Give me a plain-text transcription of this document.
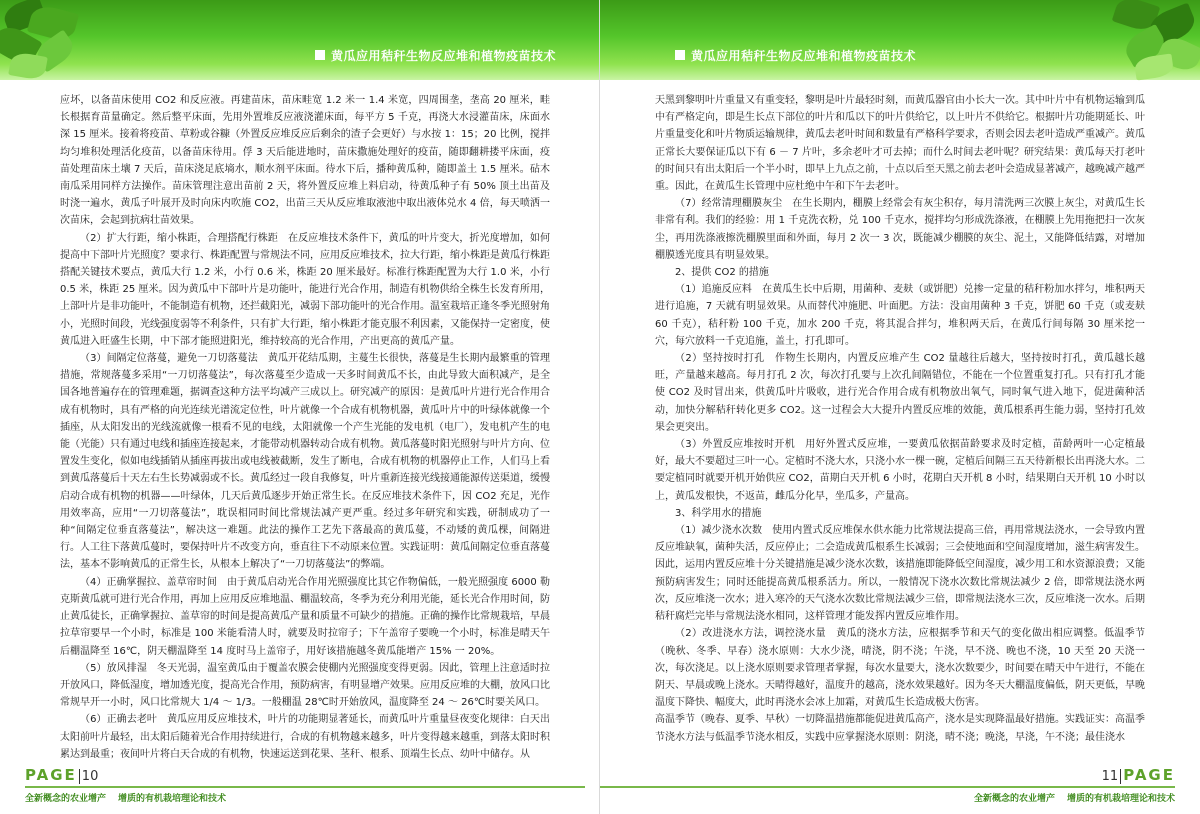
黄瓜应用秸秆生物反应堆和植物疫苗技术

应坏，以备苗床使用 CO2 和反应液。再建苗床，苗床畦宽 1.2 米一 1.4 米宽，四周围垄，垄高 20 厘米，畦长根据育苗量确定。然后整平床面，先用外置堆反应液浇灌床面，每平方 5 千克，再浇大水浸灌苗床，床面水深 15 厘米。接着将疫苗、草粉或谷糠（外置反应堆反应后剩余的渣子会更好）与水按 1：15；20 比例，搅拌均匀堆积处理活化疫苗，以备苗床待用。俘 3 天后能进地时，苗床撒施处理好的疫苗，随即翻耕搂平床面，疫苗处理苗床土壤 7 天后，苗床浇足底墒水，顺水剂平床面。待水下后，播种黄瓜种，随即盖土 1.5 厘米。砧木南瓜采用同样方法操作。苗床管理注意出苗前 2 天，将外置反应堆上料启动，待黄瓜种子有 50% 顶土出苗及时浇一遍水，黄瓜子叶展开及时向床内吹施 CO2，出苗三天从反应堆取液池中取出液体兑水 4 倍，每天喷洒一次苗床，会起到抗病壮苗效果。

（2）扩大行距，缩小株距，合理搭配行株距　在反应堆技术条件下，黄瓜的叶片变大，折光度增加，如何提高中下部叶片光照度？要求行、株距配置与常规法不同，应用反应堆技术，拉大行距，缩小株距是黄瓜行株距搭配关键技术要点，黄瓜大行 1.2 米，小行 0.6 米，株距 20 厘米最好。标准行株距配置为大行 1.0 米，小行 0.5 米，株距 25 厘米。因为黄瓜中下部叶片是功能叶，能进行光合作用，制造有机物供给全株生长发育所用，上部叶片是非功能叶，不能制造有机物，还拦截阳光，减弱下部功能叶的光合作用。温室栽培正逢冬季光照射角小，光照时间段，光线强度弱等不利条件，只有扩大行距，缩小株距才能克服不利因素，又能保持一定密度，使黄瓜进入旺盛生长期，中下部才能照进阳光，维持较高的光合作用，产出更高的黄瓜产量。

（3）间隔定位落蔓，避免一刀切落蔓法　黄瓜开花结瓜期，主蔓生长很快，落蔓是生长期内最繁重的管理措施，常规落蔓多采用“一刀切落蔓法”，每次落蔓至少造成一天多时间黄瓜不长，由此导致大面积减产，是全国各地普遍存在的管理难题，据调查这种方法平均减产三成以上。研究减产的原因：是黄瓜叶片进行光合作用合成有机物时，具有严格的向光连续光谱流定位性，叶片就像一个合成有机物机器，黄瓜叶片中的叶绿体就像一个插座，从太阳发出的光线流就像一根看不见的电线，太阳就像一个产生光能的发电机（电厂），发电机产生的电能（光能）只有通过电线和插座连接起来，才能带动机器转动合成有机物。黄瓜落蔓时阳光照射与叶片方向、位置发生变化，似如电线插销从插座再拔出或电线被截断，发生了断电，合成有机物的机器停止工作，人们马上看到黄瓜落蔓后十天左右生长势减弱或不长。黄瓜经过一段自我修复，叶片重新连接光线接通能源传送渠道，缓慢启动合成有机物的机器——叶绿体，几天后黄瓜逐步开始正常生长。在反应堆技术条件下，因 CO2 充足，光作用效率高，应用“一刀切落蔓法”，耽误相同时间比常规法减产更严重。经过多年研究和实践，研制成功了一种“间隔定位垂直落蔓法”，解决这一难题。此法的操作工艺先下落最高的黄瓜蔓，不动矮的黄瓜棵，间隔进行。人工往下落黄瓜蔓时，要保持叶片不改变方向，垂直往下不动原来位置。实践证明：黄瓜间隔定位垂直落蔓法，基本不影响黄瓜的正常生长，从根本上解决了“一刀切落蔓法”的弊端。

（4）正确掌握拉、盖草帘时间　由于黄瓜启动光合作用光照强度比其它作物偏低，一般光照强度 6000 勒克斯黄瓜就可进行光合作用，再加上应用反应堆地温、棚温较高，冬季为充分利用光能，延长光合作用时间，防止黄瓜徒长，正确掌握拉、盖草帘的时间是提高黄瓜产量和质量不可缺少的措施。正确的操作比常规栽培，早晨拉草帘要早一个小时，标准是 100 米能看清人时，就要及时拉帘子；下午盖帘子要晚一个小时，标准是晴天午后棚温降至 16℃，阴天棚温降至 14 度时马上盖帘子，用好该措施越冬黄瓜能增产 15% 一 20%。

（5）放风排湿　冬天光弱，温室黄瓜由于覆盖农膜会使棚内光照强度变得更弱。因此，管理上注意适时拉开放风口，降低湿度，增加透光度，提高光合作用，预防病害，有明显增产效果。应用反应堆的大棚，放风口比常规早开一小时，风口比常规大 1/4 ～ 1/3。一般棚温 28℃时开始放风，温度降至 24 ～ 26℃时要关风口。

（6）正确去老叶　黄瓜应用反应堆技术，叶片的功能期显著延长，而黄瓜叶片重量昼夜变化规律：白天出太阳前叶片最轻，出太阳后随着光合作用持续进行，合成的有机物越来越多，叶片变得越来越重，到落太阳时积累达到最重；夜间叶片将白天合成的有机物，快速运送到花果、茎秆、根系、顶端生长点、幼叶中储存。从

PAGE 10
全新概念的农业增产 增质的有机栽培理论和技术
黄瓜应用秸秆生物反应堆和植物疫苗技术

天黑到黎明叶片重量又有重变轻，黎明是叶片最轻时刻，而黄瓜器官由小长大一次。其中叶片中有机物运输到瓜中有严格定向，即是生长点下部位的叶片和瓜以下的叶片供给它，以上叶片不供给它。根据叶片功能期延长、叶片重量变化和叶片物质运输规律，黄瓜去老叶时间和数量有严格科学要求，否则会因去老叶造成严重减产。黄瓜正常长大要保证瓜以下有 6 － 7 片叶，多余老叶才可去掉；而什么时间去老叶呢？研究结果：黄瓜每天打老叶的时间只有出太阳后一个半小时，即早上九点之前，十点以后至天黑之前去老叶会造成显著减产，越晚减产越严重。因此，在黄瓜生长管理中应杜绝中午和下午去老叶。

（7）经常清理棚膜灰尘　在生长期内，棚膜上经常会有灰尘积存，每月清洗两三次膜上灰尘，对黄瓜生长非常有利。我们的经验：用 1 千克洗衣粉，兑 100 千克水，搅拌均匀形成洗涤液，在棚膜上先用拖把扫一次灰尘，再用洗涤液擦洗棚膜里面和外面，每月 2 次一 3 次，既能减少棚膜的灰尘、泥土，又能降低结露，对增加棚膜透光度具有明显效果。

2、提供 CO2 的措施

（1）追施反应料　在黄瓜生长中后期，用菌种、麦麸（或饼肥）兑掺一定量的秸秆粉加水拌匀，堆积两天进行追施，7 天就有明显效果。从而替代冲施肥、叶面肥。方法：没亩用菌种 3 千克，饼肥 60 千克（或麦麸 60 千克），秸秆粉 100 千克，加水 200 千克，将其混合拌匀，堆积两天后，在黄瓜行间每隔 30 厘米挖一穴，每穴放料一千克追施，盖土，打孔即可。

（2）坚持按时打孔　作物生长期内，内置反应堆产生 CO2 量越往后越大，坚持按时打孔，黄瓜越长越旺，产量越来越高。每月打孔 2 次，每次打孔要与上次孔间隔错位，不能在一个位置重复打孔。只有打孔才能使 CO2 及时冒出来，供黄瓜叶片吸收，进行光合作用合成有机物放出氧气，同时氧气进入地下，促进菌种活动，加快分解秸秆转化更多 CO2。这一过程会大大提升内置反应堆的效能，黄瓜根系再生能力弱，坚持打孔效果会更突出。

（3）外置反应堆按时开机　用好外置式反应堆，一要黄瓜依据苗龄要求及时定植，苗龄两叶一心定植最好，最大不要超过三叶一心。定植时不浇大水，只浇小水一棵一碗，定植后间隔三五天待新根长出再浇大水。二要定植同时就要开机开始供应 CO2，苗期白天开机 6 小时，花期白天开机 8 小时，结果期白天开机 10 小时以上，黄瓜发根快，不返苗，雌瓜分化早，坐瓜多，产量高。

3、科学用水的措施

（1）减少浇水次数　使用内置式反应堆保水供水能力比常规法提高三倍，再用常规法浇水，一会导致内置反应堆缺氧，菌种失活，反应停止；二会造成黄瓜根系生长减弱；三会使地面和空间湿度增加，滋生病害发生。因此，运用内置反应堆十分关键措施是减少浇水次数，该措施即能降低空间湿度，减少用工和水资源浪费；又能预防病害发生；同时还能提高黄瓜根系活力。所以，一般情况下浇水次数比常规法减少 2 倍，即常规法浇水两次，反应堆浇一次水；进入寒冷的天气浇水次数比常规法减少三倍，即常规法浇水三次，反应堆浇一次水。后期秸秆腐烂完毕与常规法浇水相同，这样管理才能发挥内置反应堆作用。

（2）改进浇水方法，调控浇水量　黄瓜的浇水方法，应根据季节和天气的变化做出相应调整。低温季节（晚秋、冬季、早春）浇水原则：大水少浇，晴浇，阴不浇；午浇，早不浇、晚也不浇，10 天至 20 天浇一次，每次浇足。以上浇水原则要求管理者掌握，每次水量要大，浇水次数要少，时间要在晴天中午进行，不能在阴天、早晨或晚上浇水。天晴得越好，温度升的越高，浇水效果越好。因为冬天大棚温度偏低，阴天更低，早晚温度下降快、幅度大，此时再浇水会冰上加霜，对黄瓜生长造成极大伤害。

高温季节（晚春、夏季、早秋）一切降温措施都能促进黄瓜高产，浇水是实现降温最好措施。实践证实：高温季节浇水方法与低温季节浇水相反，实践中应掌握浇水原则：阴浇，晴不浇；晚浇，早浇，午不浇；最佳浇水

11 PAGE
全新概念的农业增产 增质的有机栽培理论和技术
